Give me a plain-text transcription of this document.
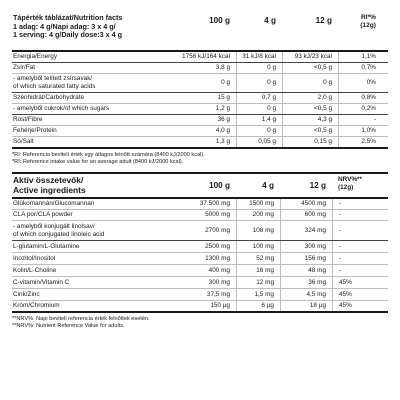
Tápérték táblázat/Nutrition facts
1 adag: 4 g/Napi adag: 3 x 4 g/
1 serving: 4 g/Daily dose:3 x 4 g
100 g	4 g	12 g	RI*%
(12g)
Energia/Energy	1756 kJ/164 kcal	31 kJ/8 kcal	93 kJ/23 kcal	1,1%
Zsír/Fat	3,8 g	0 g	<0,5 g	0,7%
- amelyből telített zsírsavak/
of which saturated fatty acids
0 g	0 g	0 g	0%
Szénhidrát/Carbohydrate	15 g	0,7 g	2,0 g	0,8%
- amelyből cukrok/of which sugars	1,2 g	0 g	<0,5 g	0,2%
Rost/Fibre	36 g	1,4 g	4,3 g	-
Fehérje/Protein	4,0 g	0 g	<0,5 g	1,0%
Só/Salt	1,3 g	0,05 g	0,15 g	2,5%
*RI: Referencia beviteli érték egy átlagos felnőtt számára (8400 kJ/2000 kcal).
*RI: Reference intake value for an average adult (8400 kJ/2000 kcal).
Aktív összetevők/
Active ingredients	100 g	4 g	12 g
NRV%**
(12g)
Glükomannán/Glucomannan	37.500 mg	1500 mg	4500 mg	-
CLA por/CLA powder	5000 mg	200 mg	600 mg	-
- amelyből konjugált linolsav/
of which conjugated linoleic acid
2700 mg	108 mg	324 mg	-
L-glutamin/L-Glutamine	2500 mg	100 mg	300 mg	-
Inozitol/Inositol	1300 mg	52 mg	156 mg	-
Kolin/L-Choline	400 mg	16 mg	48 mg	-
C-vitamin/Vitamin C	300 mg	12 mg	36 mg	45%
Cink/Zinc	37,5 mg	1,5 mg	4,5 mg	45%
Króm/Chromium	150 µg	6 µg	18 µg	45%
**NRV%: Napi beviteli referencia érték felnőttek esetén.
**NRV%: Nutrient Reference Value for adults.
